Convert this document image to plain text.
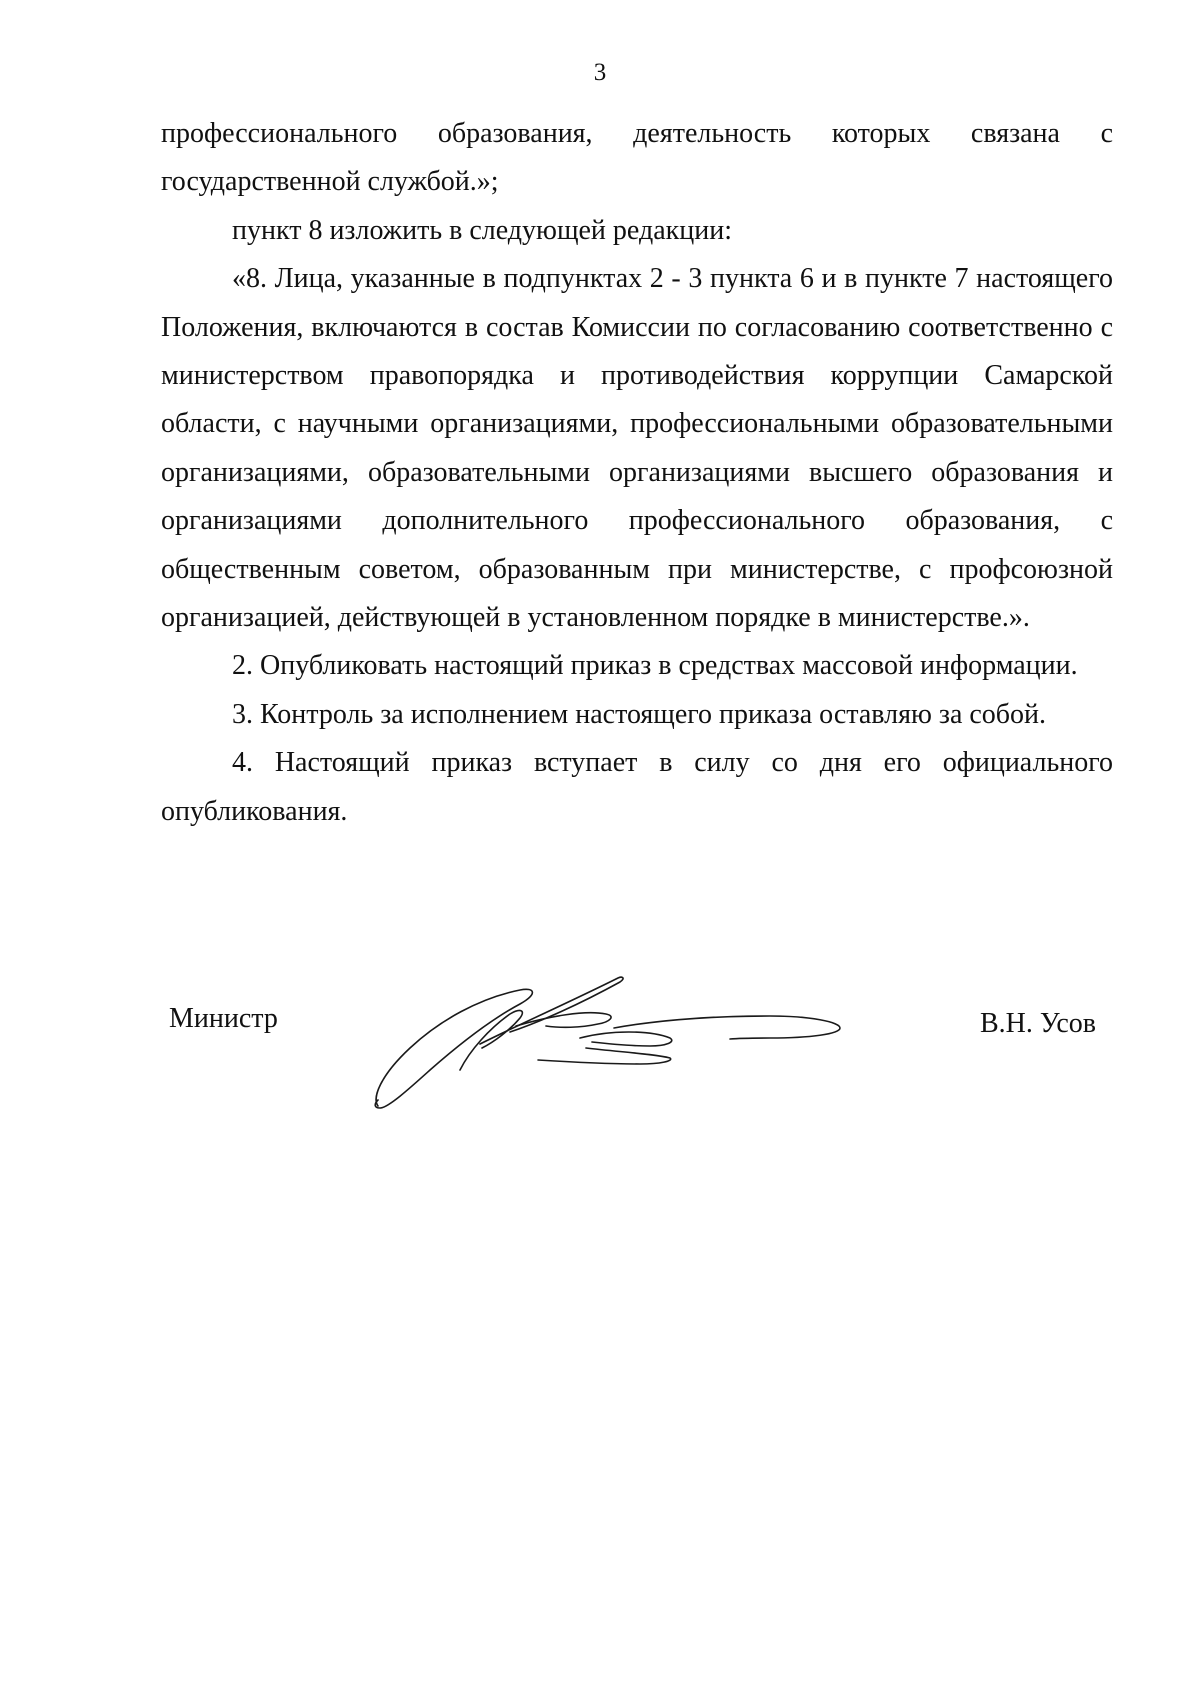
3

профессионального образования, деятельность которых связана с государственной службой.»;

пункт 8 изложить в следующей редакции:

«8. Лица, указанные в подпунктах 2 - 3 пункта 6 и в пункте 7 настоящего Положения, включаются в состав Комиссии по согласованию соответственно с министерством правопорядка и противодействия коррупции Самарской области, с научными организациями, профессиональными образовательными организациями, образовательными организациями высшего образования и организациями дополнительного профессионального образования, с общественным советом, образованным при министерстве, с профсоюзной организацией, действующей в установленном порядке в министерстве.».

2. Опубликовать настоящий приказ в средствах массовой информации.

3. Контроль за исполнением настоящего приказа оставляю за собой.

4. Настоящий приказ вступает в силу со дня его официального опубликования.

Министр	В.Н. Усов
